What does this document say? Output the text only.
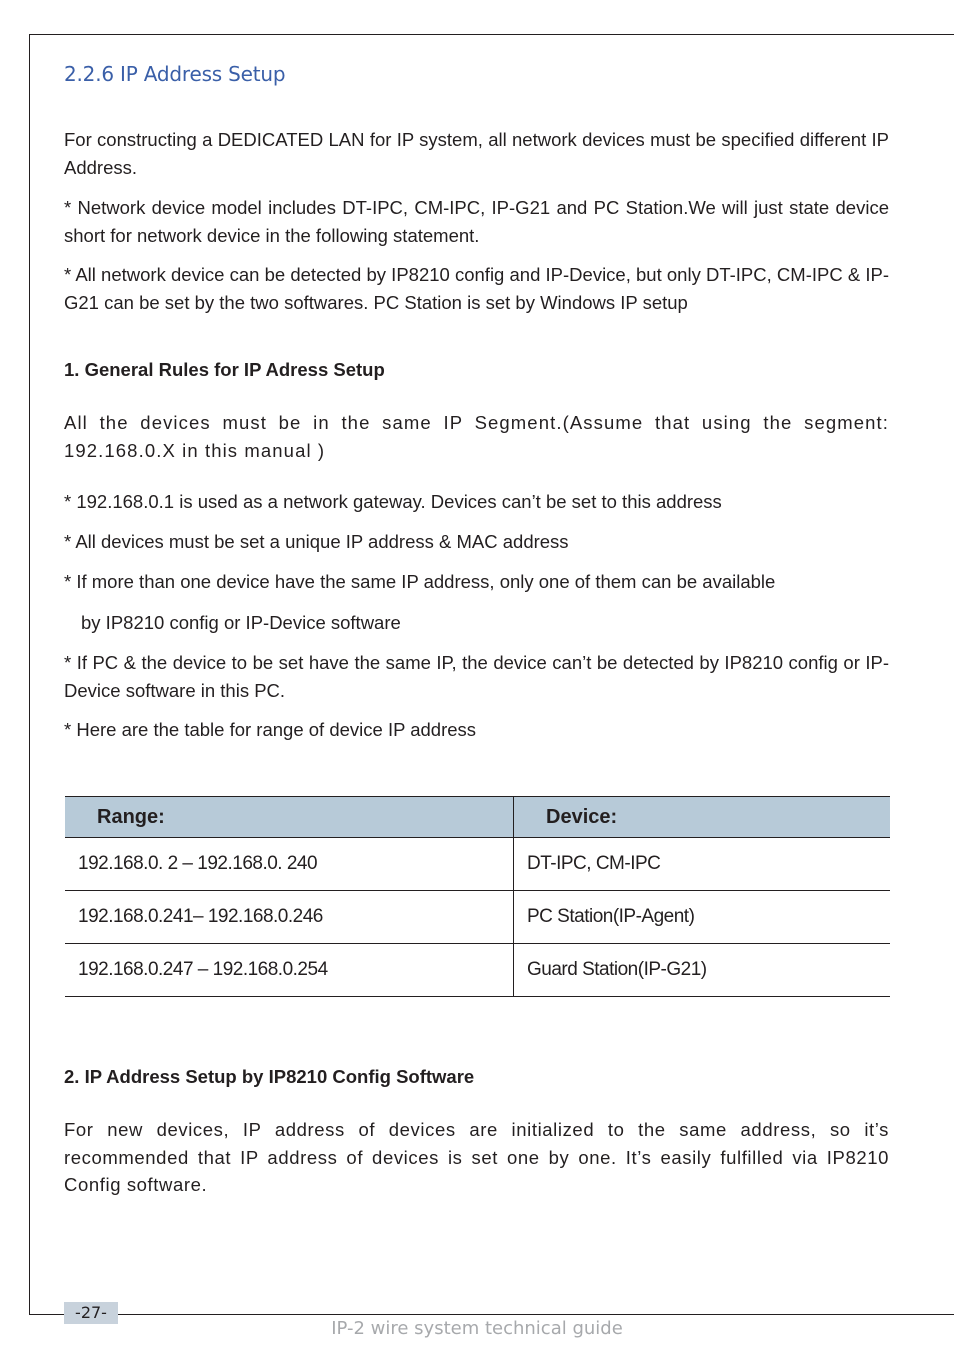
2.2.6 IP Address Setup

For constructing a DEDICATED LAN for IP system, all network devices must be specified different IP Address.

* Network device model includes DT-IPC, CM-IPC, IP-G21 and PC Station.We will just state device short for network device in the following statement.

* All network device can be detected by IP8210 config and IP-Device, but only DT-IPC, CM-IPC & IP-G21 can be set by the two softwares. PC Station is set by Windows IP setup

1. General Rules for IP Adress Setup

All the devices must be in the same IP Segment.(Assume that using the segment: 192.168.0.X in this manual )

* 192.168.0.1 is used as a network gateway. Devices can’t be set to this address

* All devices must be set a unique IP address & MAC address

* If more than one device have the same IP address, only one of them can be available

by IP8210 config or IP-Device software

* If PC & the device to be set have the same IP, the device can’t be detected by IP8210 config or IP-Device software in this PC.

* Here are the table for range of device IP address

2. IP Address Setup by IP8210 Config Software

For new devices, IP address of devices are initialized to the same address, so it’s recommended that IP address of devices is set one by one. It’s easily fulfilled via IP8210 Config software.

Range:	Device:
192.168.0. 2 – 192.168.0. 240	DT-IPC, CM-IPC
192.168.0.241– 192.168.0.246	PC Station(IP-Agent)
192.168.0.247 – 192.168.0.254	Guard Station(IP-G21)
-27-
IP-2 wire system technical guide
